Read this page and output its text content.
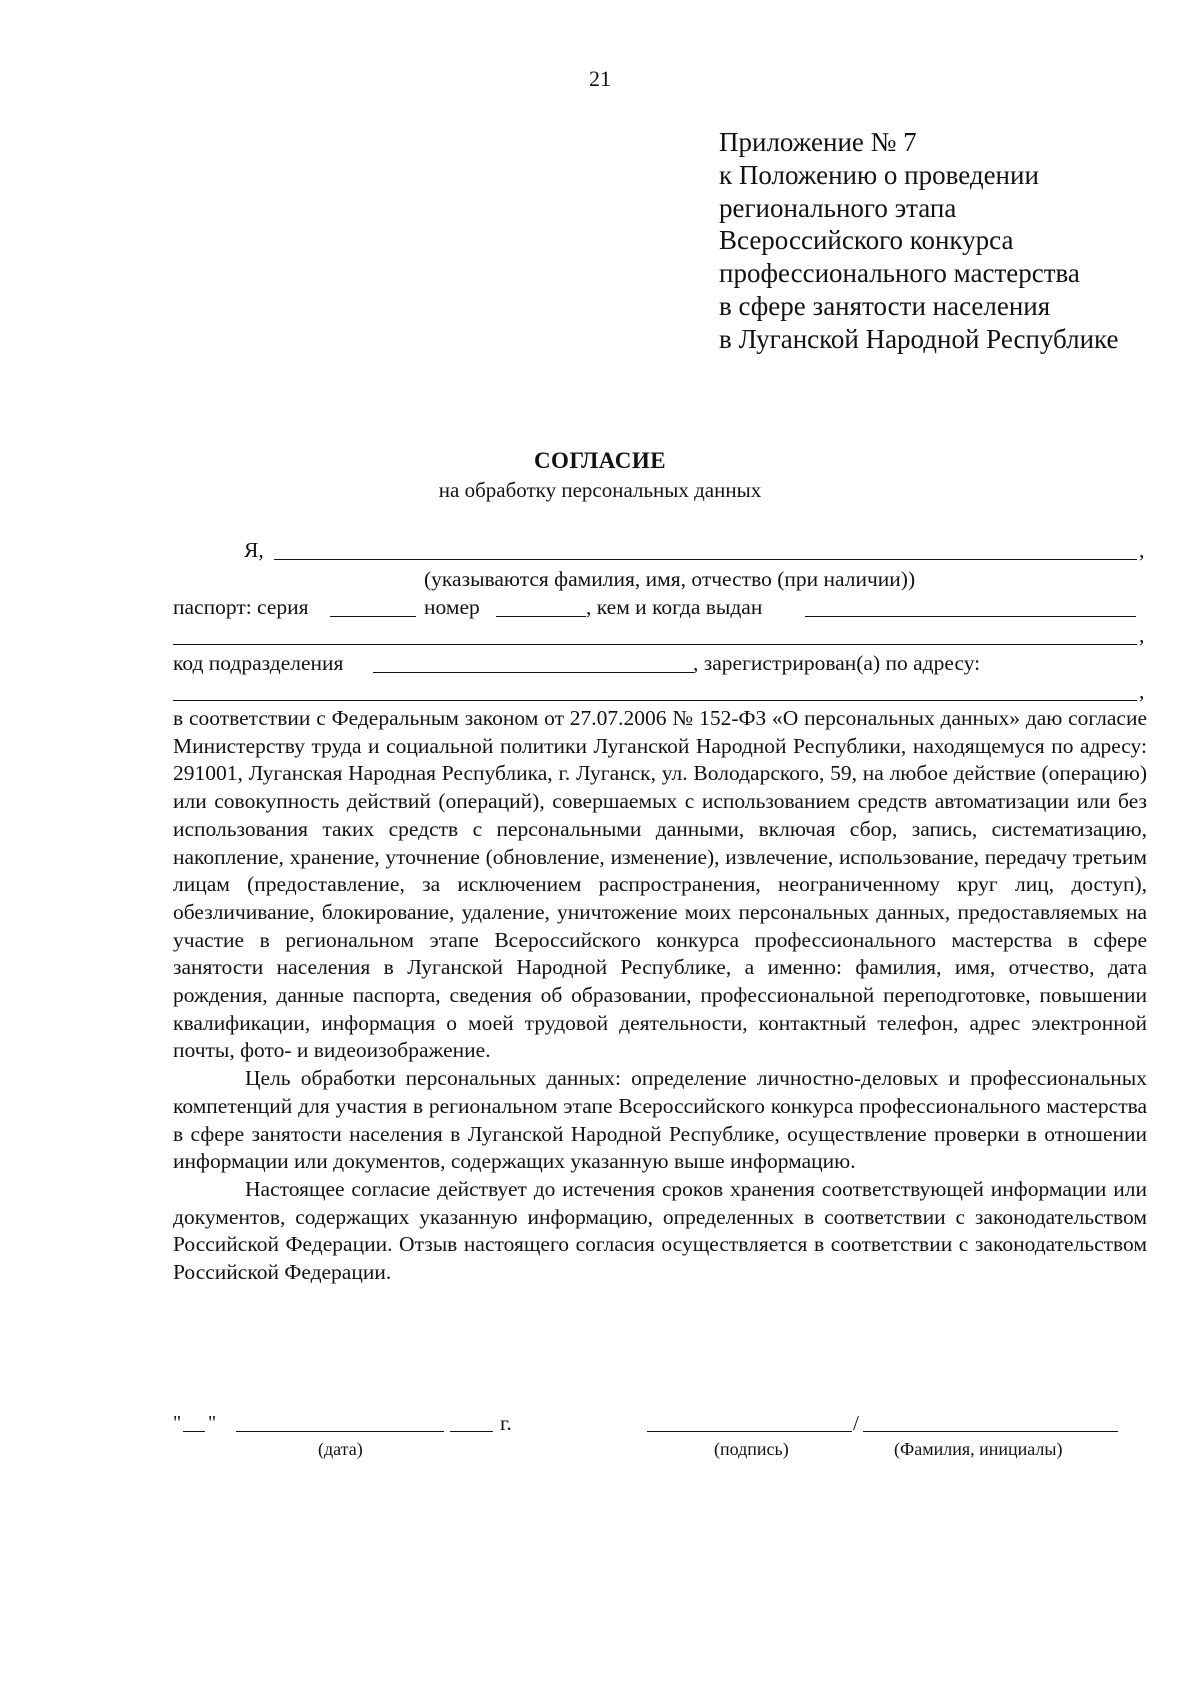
21
Приложение № 7
к Положению о проведении
регионального этапа
Всероссийского конкурса
профессионального мастерства
в сфере занятости населения
в Луганской Народной Республике
СОГЛАСИЕ
на обработку персональных данных
Я,	,
(указываются фамилия, имя, отчество (при наличии))
паспорт: серия	номер	, кем и когда выдан
,
код подразделения	, зарегистрирован(а) по адресу:
,

в соответствии с Федеральным законом от 27.07.2006 № 152-ФЗ «О персональных данных» даю согласие Министерству труда и социальной политики Луганской Народной Республики, находящемуся по адресу: 291001, Луганская Народная Республика, г. Луганск, ул. Володарского, 59, на любое действие (операцию) или совокупность действий (операций), совершаемых с использованием средств автоматизации или без использования таких средств с персональными данными, включая сбор, запись, систематизацию, накопление, хранение, уточнение (обновление, изменение), извлечение, использование, передачу третьим лицам (предоставление, за исключением распространения, неограниченному круг лиц, доступ), обезличивание, блокирование, удаление, уничтожение моих персональных данных, предоставляемых на участие в региональном этапе Всероссийского конкурса профессионального мастерства в сфере занятости населения в Луганской Народной Республике, а именно: фамилия, имя, отчество, дата рождения, данные паспорта, сведения об образовании, профессиональной переподготовке, повышении квалификации, информация о моей трудовой деятельности, контактный телефон, адрес электронной почты, фото- и видеоизображение.

Цель обработки персональных данных: определение личностно-деловых и профессиональных компетенций для участия в региональном этапе Всероссийского конкурса профессионального мастерства в сфере занятости населения в Луганской Народной Республике, осуществление проверки в отношении информации или документов, содержащих указанную выше информацию.

Настоящее согласие действует до истечения сроков хранения соответствующей информации или документов, содержащих указанную информацию, определенных в соответствии с законодательством Российской Федерации. Отзыв настоящего согласия осуществляется в соответствии с законодательством Российской Федерации.

" "	г.	/
(дата)	(подпись)	(Фамилия, инициалы)
